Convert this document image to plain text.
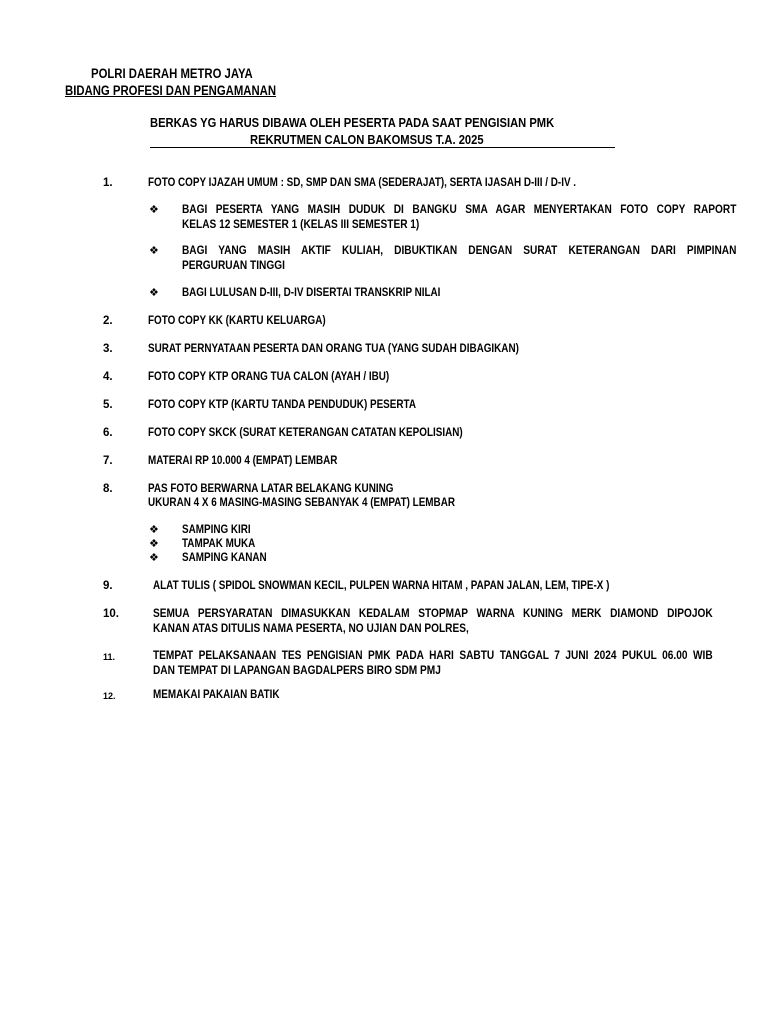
POLRI DAERAH METRO JAYA
BIDANG PROFESI DAN PENGAMANAN
BERKAS YG HARUS DIBAWA OLEH PESERTA PADA SAAT PENGISIAN PMK
REKRUTMEN CALON BAKOMSUS T.A. 2025
1.	FOTO COPY IJAZAH UMUM : SD, SMP DAN SMA (SEDERAJAT), SERTA IJASAH D-III / D-IV .
❖ BAGI PESERTA YANG MASIH DUDUK DI BANGKU SMA AGAR MENYERTAKAN FOTO COPY RAPORT
KELAS 12 SEMESTER 1 (KELAS III SEMESTER 1)
❖ BAGI YANG MASIH AKTIF KULIAH, DIBUKTIKAN DENGAN SURAT KETERANGAN DARI PIMPINAN
PERGURUAN TINGGI
❖ BAGI LULUSAN D-III, D-IV DISERTAI TRANSKRIP NILAI
2.	FOTO COPY KK (KARTU KELUARGA)
3.	SURAT PERNYATAAN PESERTA DAN ORANG TUA (YANG SUDAH DIBAGIKAN)
4.	FOTO COPY KTP ORANG TUA CALON (AYAH / IBU)
5.	FOTO COPY KTP (KARTU TANDA PENDUDUK) PESERTA
6.	FOTO COPY SKCK (SURAT KETERANGAN CATATAN KEPOLISIAN)
7.	MATERAI RP 10.000 4 (EMPAT) LEMBAR
8.	PAS FOTO BERWARNA LATAR BELAKANG KUNING
UKURAN 4 X 6 MASING-MASING SEBANYAK 4 (EMPAT) LEMBAR
❖ SAMPING KIRI
❖ TAMPAK MUKA
❖ SAMPING KANAN
9.	ALAT TULIS ( SPIDOL SNOWMAN KECIL, PULPEN WARNA HITAM , PAPAN JALAN, LEM, TIPE-X )
10.	SEMUA PERSYARATAN DIMASUKKAN KEDALAM STOPMAP WARNA KUNING MERK DIAMOND DIPOJOK
KANAN ATAS DITULIS NAMA PESERTA, NO UJIAN DAN POLRES,
11.	TEMPAT PELAKSANAAN TES PENGISIAN PMK PADA HARI SABTU TANGGAL 7 JUNI 2024 PUKUL 06.00 WIB
DAN TEMPAT DI LAPANGAN BAGDALPERS BIRO SDM PMJ
12.	MEMAKAI PAKAIAN BATIK
